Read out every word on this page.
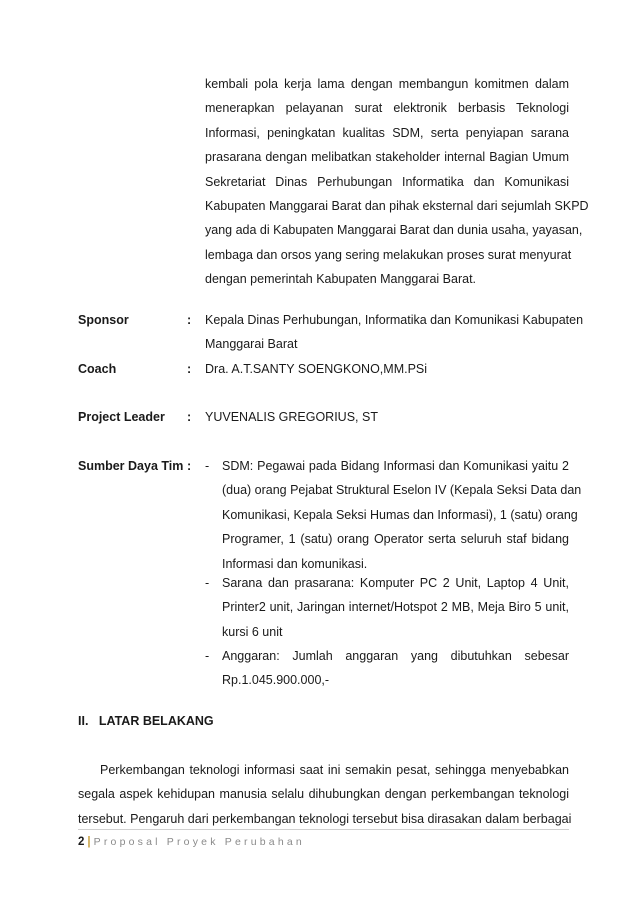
kembali pola kerja lama dengan membangun komitmen dalam
menerapkan pelayanan surat elektronik berbasis Teknologi
Informasi, peningkatan kualitas SDM, serta penyiapan sarana
prasarana dengan melibatkan stakeholder internal Bagian Umum
Sekretariat Dinas Perhubungan Informatika dan Komunikasi
Kabupaten Manggarai Barat dan pihak eksternal dari sejumlah SKPD
yang ada di Kabupaten Manggarai Barat dan dunia usaha, yayasan,
lembaga dan orsos yang sering melakukan proses surat menyurat
dengan pemerintah Kabupaten Manggarai Barat.
Sponsor	: Kepala Dinas Perhubungan, Informatika dan Komunikasi Kabupaten
Manggarai Barat
Coach	: Dra. A.T.SANTY SOENGKONO,MM.PSi
Project Leader : YUVENALIS GREGORIUS, ST
Sumber Daya Tim : - SDM: Pegawai pada Bidang Informasi dan Komunikasi yaitu 2
(dua) orang Pejabat Struktural Eselon IV (Kepala Seksi Data dan
Komunikasi, Kepala Seksi Humas dan Informasi), 1 (satu) orang
Programer, 1 (satu) orang Operator serta seluruh staf bidang
Informasi dan komunikasi.
- Sarana dan prasarana: Komputer PC 2 Unit, Laptop 4 Unit,
Printer2 unit, Jaringan internet/Hotspot 2 MB, Meja Biro 5 unit,
kursi 6 unit
- Anggaran: Jumlah anggaran yang dibutuhkan sebesar
Rp.1.045.900.000,-
II. LATAR BELAKANG
Perkembangan teknologi informasi saat ini semakin pesat, sehingga menyebabkan
segala aspek kehidupan manusia selalu dihubungkan dengan perkembangan teknologi
tersebut. Pengaruh dari perkembangan teknologi tersebut bisa dirasakan dalam berbagai
2 | Proposal Proyek Perubahan
